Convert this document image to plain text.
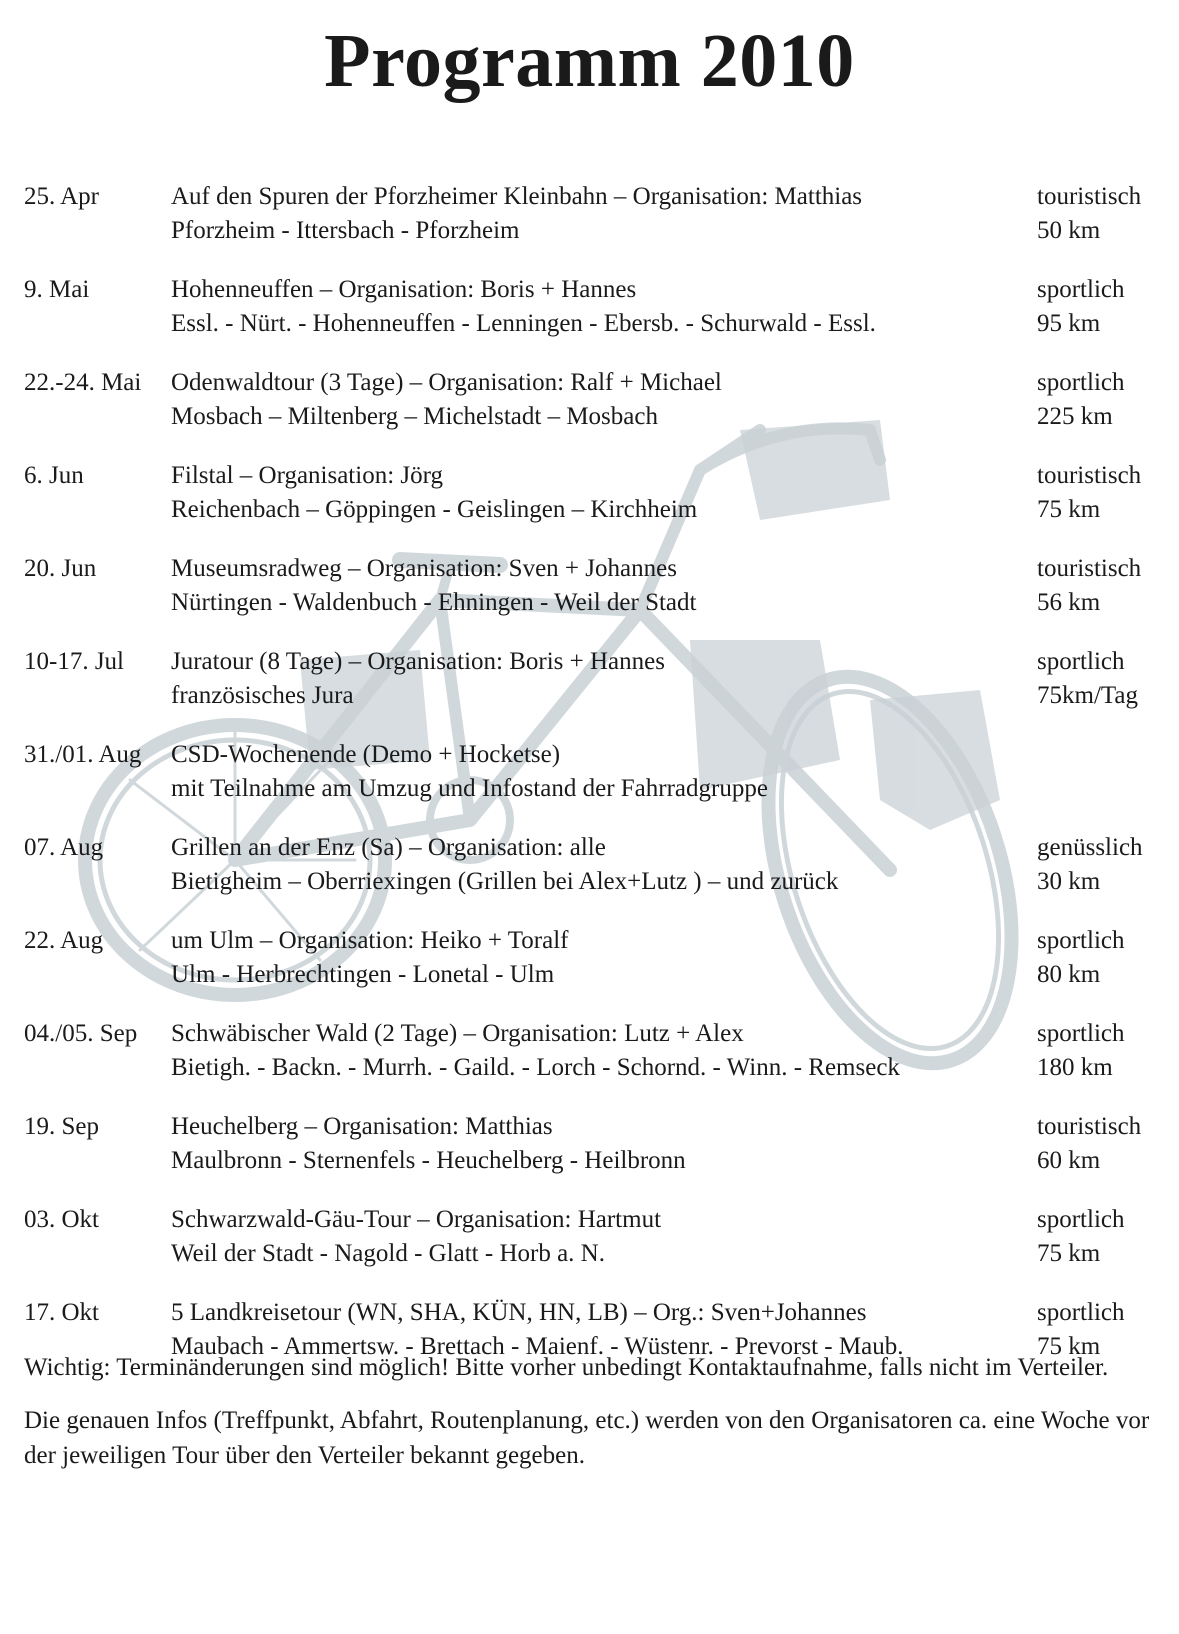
Programm 2010
25. Apr	Auf den Spuren der Pforzheimer Kleinbahn – Organisation: Matthias	touristisch
Pforzheim - Ittersbach - Pforzheim	50 km
9. Mai	Hohenneuffen – Organisation: Boris + Hannes	sportlich
Essl. - Nürt. - Hohenneuffen - Lenningen - Ebersb. - Schurwald - Essl.	95 km
22.-24. Mai Odenwaldtour (3 Tage) – Organisation: Ralf + Michael	sportlich
Mosbach – Miltenberg – Michelstadt – Mosbach	225 km
6. Jun	Filstal – Organisation: Jörg	touristisch
Reichenbach – Göppingen - Geislingen – Kirchheim	75 km
20. Jun	Museumsradweg – Organisation: Sven + Johannes	touristisch
Nürtingen - Waldenbuch - Ehningen - Weil der Stadt	56 km
10-17. Jul Juratour (8 Tage) – Organisation: Boris + Hannes	sportlich
französisches Jura	75km/Tag
31./01. Aug CSD-Wochenende (Demo + Hocketse)
mit Teilnahme am Umzug und Infostand der Fahrradgruppe
07. Aug	Grillen an der Enz (Sa) – Organisation: alle	genüsslich
Bietigheim – Oberriexingen (Grillen bei Alex+Lutz ) – und zurück	30 km
22. Aug	um Ulm – Organisation: Heiko + Toralf	sportlich
Ulm - Herbrechtingen - Lonetal - Ulm	80 km
04./05. Sep Schwäbischer Wald (2 Tage) – Organisation: Lutz + Alex	sportlich
Bietigh. - Backn. - Murrh. - Gaild. - Lorch - Schornd. - Winn. - Remseck	180 km
19. Sep	Heuchelberg – Organisation: Matthias	touristisch
Maulbronn - Sternenfels - Heuchelberg - Heilbronn	60 km
03. Okt	Schwarzwald-Gäu-Tour – Organisation: Hartmut	sportlich
Weil der Stadt - Nagold - Glatt - Horb a. N.	75 km
17. Okt	5 Landkreisetour (WN, SHA, KÜN, HN, LB) – Org.: Sven+Johannes	sportlich
Maubach - Ammertsw. - Brettach - Maienf. - Wüstenr. - Prevorst - Maub.	75 km

Wichtig: Terminänderungen sind möglich! Bitte vorher unbedingt Kontaktaufnahme, falls nicht im Verteiler.

Die genauen Infos (Treffpunkt, Abfahrt, Routenplanung, etc.) werden von den Organisatoren ca. eine Woche vor der jeweiligen Tour über den Verteiler bekannt gegeben.
